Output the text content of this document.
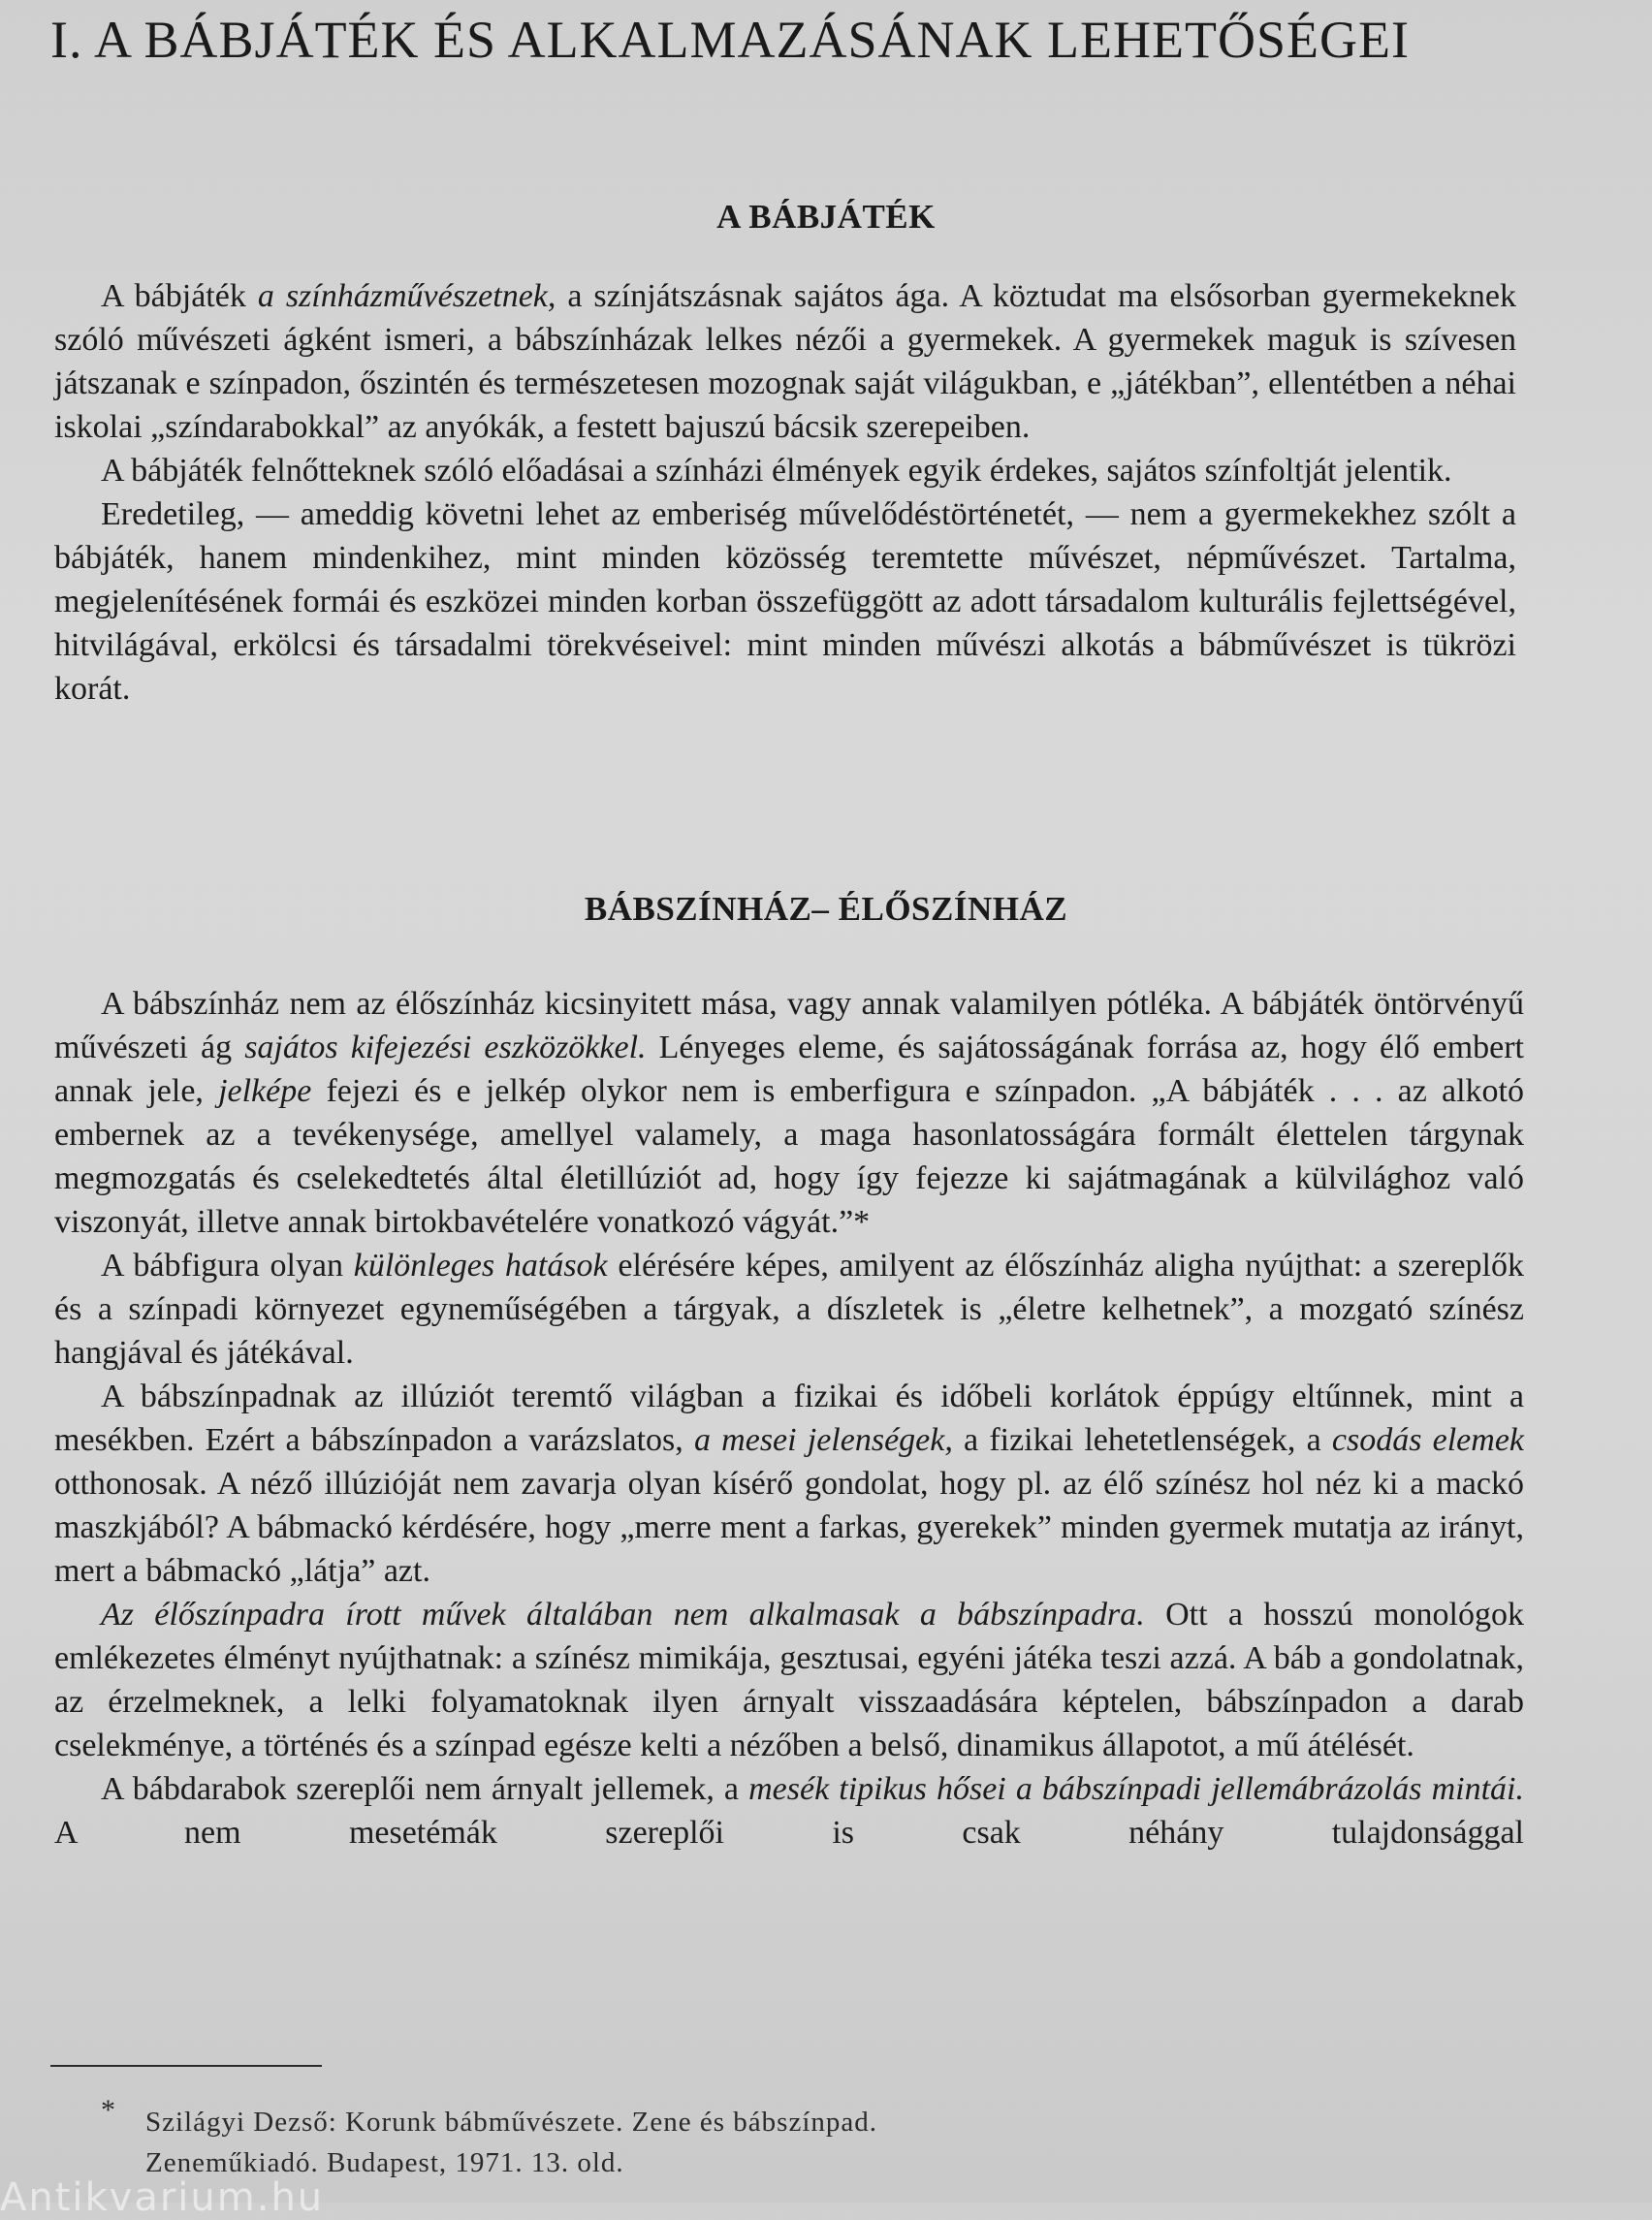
I. A BÁBJÁTÉK ÉS ALKALMAZÁSÁNAK LEHETŐSÉGEI
A BÁBJÁTÉK

A bábjáték a színházművészetnek, a színjátszásnak sajátos ága. A köztudat ma elsősorban gyermekeknek szóló művészeti ágként ismeri, a bábszínházak lelkes nézői a gyermekek. A gyermekek maguk is szívesen játszanak e színpadon, őszintén és természetesen mozognak saját világukban, e „játékban”, ellentétben a néhai iskolai „színdarabokkal” az anyókák, a festett bajuszú bácsik szerepeiben.

A bábjáték felnőtteknek szóló előadásai a színházi élmények egyik érdekes, sajátos színfoltját jelentik.

Eredetileg, — ameddig követni lehet az emberiség művelődéstörténetét, — nem a gyermekekhez szólt a bábjáték, hanem mindenkihez, mint minden közösség teremtette művészet, népművészet. Tartalma, megjelenítésének formái és eszközei minden korban összefüggött az adott társadalom kulturális fejlettségével, hitvilágával, erkölcsi és társadalmi törekvéseivel: mint minden művészi alkotás a bábművészet is tükrözi korát.

BÁBSZÍNHÁZ– ÉLŐSZÍNHÁZ

A bábszínház nem az élőszínház kicsinyitett mása, vagy annak valamilyen pótléka. A bábjáték öntörvényű művészeti ág sajátos kifejezési eszközökkel. Lényeges eleme, és sajátosságának forrása az, hogy élő embert annak jele, jelképe fejezi és e jelkép olykor nem is emberfigura e színpadon. „A bábjáték . . . az alkotó embernek az a tevékenysége, amellyel valamely, a maga hasonlatosságára formált élettelen tárgynak megmozgatás és cselekedtetés által életillúziót ad, hogy így fejezze ki sajátmagának a külvilághoz való viszonyát, illetve annak birtokbavételére vonatkozó vágyát.”*

A bábfigura olyan különleges hatások elérésére képes, amilyent az élőszínház aligha nyújthat: a szereplők és a színpadi környezet egyneműségében a tárgyak, a díszletek is „életre kelhetnek”, a mozgató színész hangjával és játékával.

A bábszínpadnak az illúziót teremtő világban a fizikai és időbeli korlátok éppúgy eltűnnek, mint a mesékben. Ezért a bábszínpadon a varázslatos, a mesei jelenségek, a fizikai lehetetlenségek, a csodás elemek otthonosak. A néző illúzióját nem zavarja olyan kísérő gondolat, hogy pl. az élő színész hol néz ki a mackó maszkjából? A bábmackó kérdésére, hogy „merre ment a farkas, gyerekek” minden gyermek mutatja az irányt, mert a bábmackó „látja” azt.

Az élőszínpadra írott művek általában nem alkalmasak a bábszínpadra. Ott a hosszú monológok emlékezetes élményt nyújthatnak: a színész mimikája, gesztusai, egyéni játéka teszi azzá. A báb a gondolatnak, az érzelmeknek, a lelki folyamatoknak ilyen árnyalt visszaadására képtelen, bábszínpadon a darab cselekménye, a történés és a színpad egésze kelti a nézőben a belső, dinamikus állapotot, a mű átélését.

A bábdarabok szereplői nem árnyalt jellemek, a mesék tipikus hősei a bábszínpadi jellemábrázolás mintái. A nem mesetémák szereplői is csak néhány tulajdonsággal

* Szilágyi Dezső: Korunk bábművészete. Zene és bábszínpad.
Zeneműkiadó. Budapest, 1971. 13. old.
Antikvarium.hu
